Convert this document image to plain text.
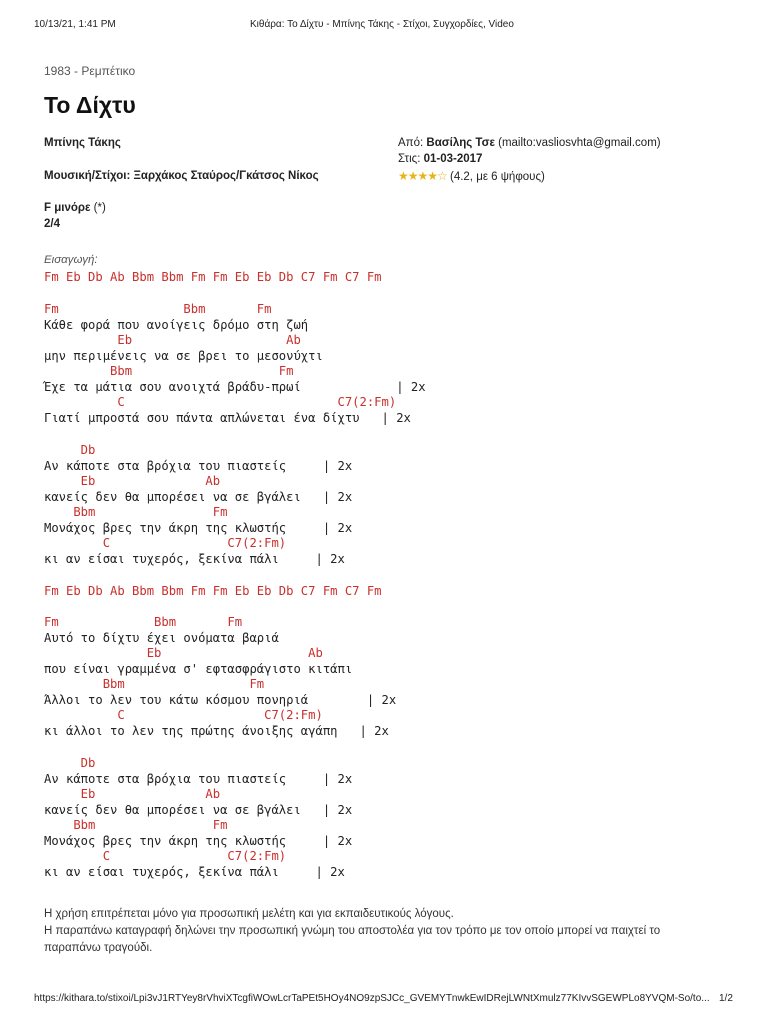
10/13/21, 1:41 PM	Κιθάρα: Το Δίχτυ - Μπίνης Τάκης - Στίχοι, Συγχορδίες, Video
1983 - Ρεμπέτικο
Το Δίχτυ
Μπίνης Τάκης
Μουσική/Στίχοι: Ξαρχάκος Σταύρος/Γκάτσος Νίκος
F μινόρε (*)
2/4
Από: Βασίλης Τσε (mailto:vasliosvhta@gmail.com)
Στις: 01-03-2017
★★★★☆ (4.2, με 6 ψήφους)
Εισαγωγή:
Fm Eb Db Ab Bbm Bbm Fm Fm Eb Eb Db C7 Fm C7 Fm
Fm                 Bbm       Fm
Κάθε φορά που ανοίγεις δρόμο στη ζωή
Eb                     Ab
μην περιμένεις να σε βρει το μεσονύχτι
Bbm                    Fm
Έχε τα μάτια σου ανοιχτά βράδυ-πρωί             | 2x
C                             C7(2:Fm)
Γιατί μπροστά σου πάντα απλώνεται ένα δίχτυ   | 2x
Db
Αν κάποτε στα βρόχια του πιαστείς     | 2x
Eb               Ab
κανείς δεν θα μπορέσει να σε βγάλει   | 2x
Bbm                Fm
Μονάχος βρες την άκρη της κλωστής     | 2x
C                C7(2:Fm)
κι αν είσαι τυχερός, ξεκίνα πάλι     | 2x
Fm Eb Db Ab Bbm Bbm Fm Fm Eb Eb Db C7 Fm C7 Fm
Fm             Bbm       Fm
Αυτό το δίχτυ έχει ονόματα βαριά
Eb                    Ab
που είναι γραμμένα σ' εφτασφράγιστο κιτάπι
Bbm                 Fm
Άλλοι το λεν του κάτω κόσμου πονηριά        | 2x
C                   C7(2:Fm)
κι άλλοι το λεν της πρώτης άνοιξης αγάπη   | 2x
Db
Αν κάποτε στα βρόχια του πιαστείς     | 2x
Eb               Ab
κανείς δεν θα μπορέσει να σε βγάλει   | 2x
Bbm                Fm
Μονάχος βρες την άκρη της κλωστής     | 2x
C                C7(2:Fm)
κι αν είσαι τυχερός, ξεκίνα πάλι     | 2x
Η χρήση επιτρέπεται μόνο για προσωπική μελέτη και για εκπαιδευτικούς λόγους.
Η παραπάνω καταγραφή δηλώνει την προσωπική γνώμη του αποστολέα για τον τρόπο με τον οποίο μπορεί να παιχτεί το
παραπάνω τραγούδι.
https://kithara.to/stixoi/Lpi3vJ1RTYey8rVhviXTcgfiWOwLcrTaPEt5HOy4NO9zpSJCc_GVEMYTnwkEwIDRejLWNtXmulz77KIvvSGEWPLo8YVQM-So/to... 1/2
